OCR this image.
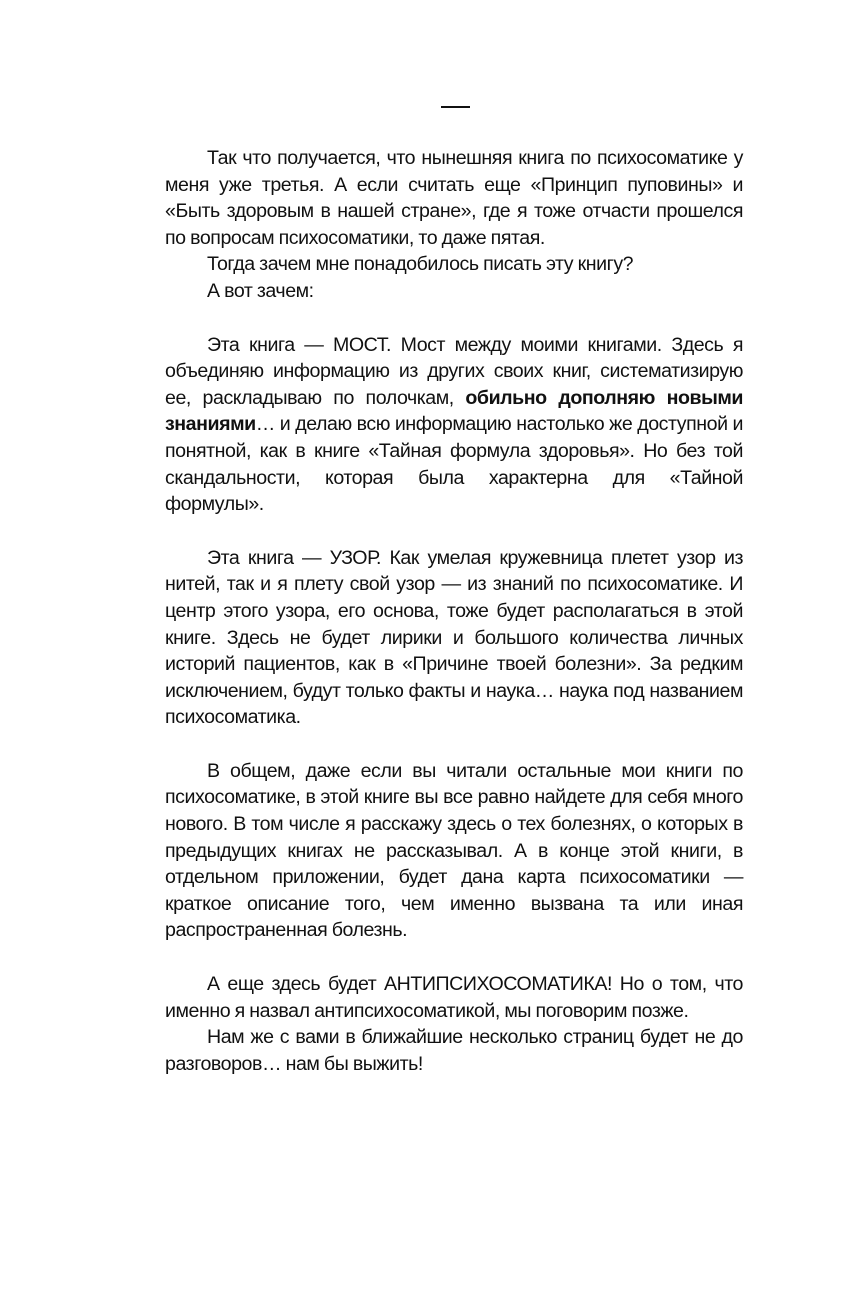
Так что получается, что нынешняя книга по психосоматике у меня уже третья. А если считать еще «Принцип пуповины» и «Быть здоровым в нашей стране», где я тоже отчасти прошелся по вопросам психосоматики, то даже пятая.

Тогда зачем мне понадобилось писать эту книгу?

А вот зачем:

Эта книга — МОСТ. Мост между моими книгами. Здесь я объединяю информацию из других своих книг, систематизирую ее, раскладываю по полочкам, обильно дополняю новыми знаниями… и делаю всю информацию настолько же доступной и понятной, как в книге «Тайная формула здоровья». Но без той скандальности, которая была характерна для «Тайной формулы».

Эта книга — УЗОР. Как умелая кружевница плетет узор из нитей, так и я плету свой узор — из знаний по психосоматике. И центр этого узора, его основа, тоже будет располагаться в этой книге. Здесь не будет лирики и большого количества личных историй пациентов, как в «Причине твоей болезни». За редким исключением, будут только факты и наука… наука под названием психосоматика.

В общем, даже если вы читали остальные мои книги по психосоматике, в этой книге вы все равно найдете для себя много нового. В том числе я расскажу здесь о тех болезнях, о которых в предыдущих книгах не рассказывал. А в конце этой книги, в отдельном приложении, будет дана карта психосоматики — краткое описание того, чем именно вызвана та или иная распространенная болезнь.

А еще здесь будет АНТИПСИХОСОМАТИКА! Но о том, что именно я назвал антипсихосоматикой, мы поговорим позже.

Нам же с вами в ближайшие несколько страниц будет не до разговоров… нам бы выжить!
